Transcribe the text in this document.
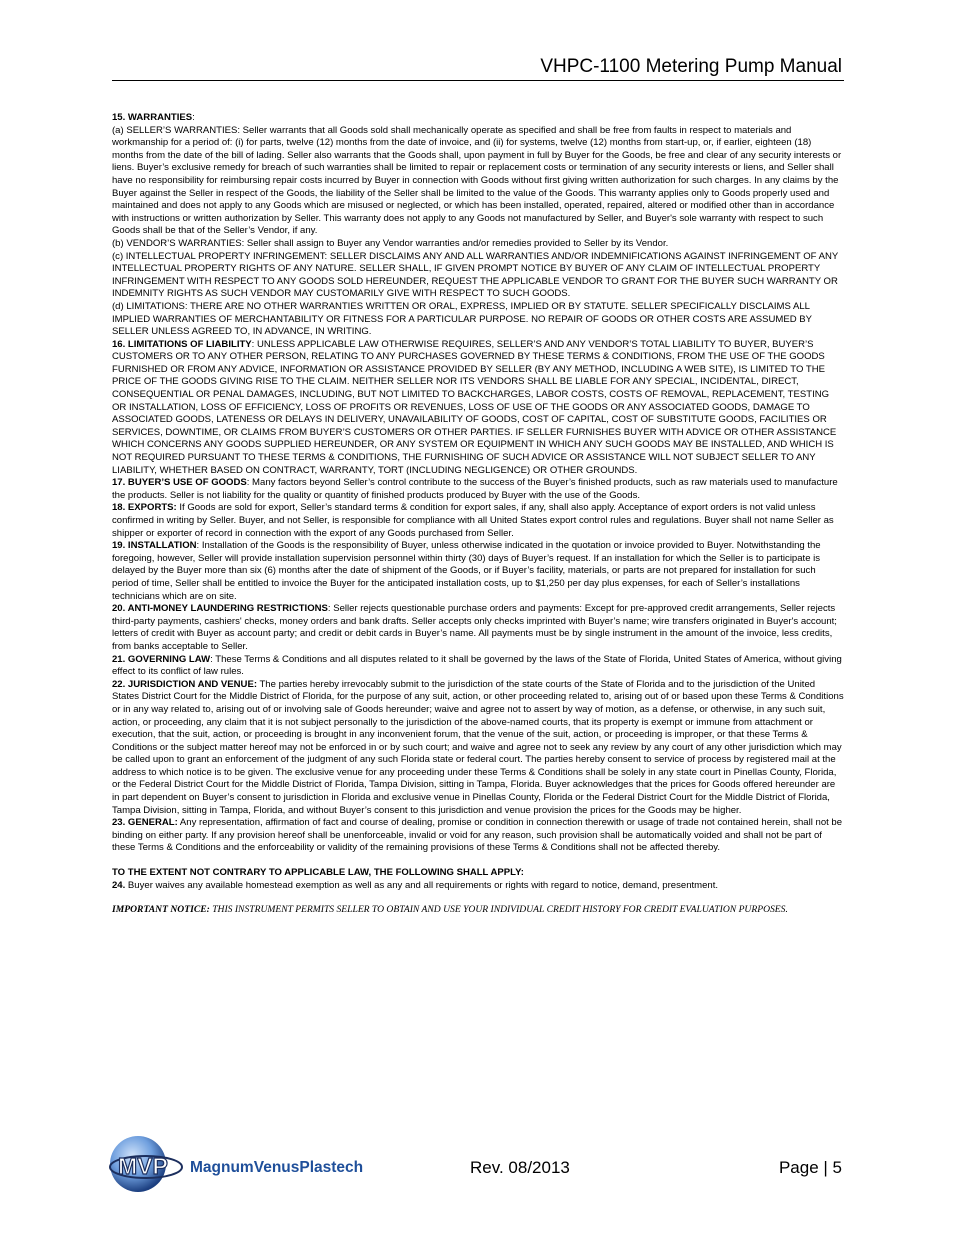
VHPC-1100 Metering Pump Manual

15. WARRANTIES:

(a) SELLER’S WARRANTIES: Seller warrants that all Goods sold shall mechanically operate as specified and shall be free from faults in respect to materials and workmanship for a period of: (i) for parts, twelve (12) months from the date of invoice, and (ii) for systems, twelve (12) months from start-up, or, if earlier, eighteen (18) months from the date of the bill of lading. Seller also warrants that the Goods shall, upon payment in full by Buyer for the Goods, be free and clear of any security interests or liens. Buyer’s exclusive remedy for breach of such warranties shall be limited to repair or replacement costs or termination of any security interests or liens, and Seller shall have no responsibility for reimbursing repair costs incurred by Buyer in connection with Goods without first giving written authorization for such charges. In any claims by the Buyer against the Seller in respect of the Goods, the liability of the Seller shall be limited to the value of the Goods. This warranty applies only to Goods properly used and maintained and does not apply to any Goods which are misused or neglected, or which has been installed, operated, repaired, altered or modified other than in accordance with instructions or written authorization by Seller. This warranty does not apply to any Goods not manufactured by Seller, and Buyer's sole warranty with respect to such Goods shall be that of the Seller’s Vendor, if any.

(b) VENDOR’S WARRANTIES: Seller shall assign to Buyer any Vendor warranties and/or remedies provided to Seller by its Vendor.

(c) INTELLECTUAL PROPERTY INFRINGEMENT: SELLER DISCLAIMS ANY AND ALL WARRANTIES AND/OR INDEMNIFICATIONS AGAINST INFRINGEMENT OF ANY INTELLECTUAL PROPERTY RIGHTS OF ANY NATURE. SELLER SHALL, IF GIVEN PROMPT NOTICE BY BUYER OF ANY CLAIM OF INTELLECTUAL PROPERTY INFRINGEMENT WITH RESPECT TO ANY GOODS SOLD HEREUNDER, REQUEST THE APPLICABLE VENDOR TO GRANT FOR THE BUYER SUCH WARRANTY OR INDEMNITY RIGHTS AS SUCH VENDOR MAY CUSTOMARILY GIVE WITH RESPECT TO SUCH GOODS.

(d) LIMITATIONS: THERE ARE NO OTHER WARRANTIES WRITTEN OR ORAL, EXPRESS, IMPLIED OR BY STATUTE. SELLER SPECIFICALLY DISCLAIMS ALL IMPLIED WARRANTIES OF MERCHANTABILITY OR FITNESS FOR A PARTICULAR PURPOSE. NO REPAIR OF GOODS OR OTHER COSTS ARE ASSUMED BY SELLER UNLESS AGREED TO, IN ADVANCE, IN WRITING.

16. LIMITATIONS OF LIABILITY: UNLESS APPLICABLE LAW OTHERWISE REQUIRES, SELLER’S AND ANY VENDOR’S TOTAL LIABILITY TO BUYER, BUYER’S CUSTOMERS OR TO ANY OTHER PERSON, RELATING TO ANY PURCHASES GOVERNED BY THESE TERMS & CONDITIONS, FROM THE USE OF THE GOODS FURNISHED OR FROM ANY ADVICE, INFORMATION OR ASSISTANCE PROVIDED BY SELLER (BY ANY METHOD, INCLUDING A WEB SITE), IS LIMITED TO THE PRICE OF THE GOODS GIVING RISE TO THE CLAIM. NEITHER SELLER NOR ITS VENDORS SHALL BE LIABLE FOR ANY SPECIAL, INCIDENTAL, DIRECT, CONSEQUENTIAL OR PENAL DAMAGES, INCLUDING, BUT NOT LIMITED TO BACKCHARGES, LABOR COSTS, COSTS OF REMOVAL, REPLACEMENT, TESTING OR INSTALLATION, LOSS OF EFFICIENCY, LOSS OF PROFITS OR REVENUES, LOSS OF USE OF THE GOODS OR ANY ASSOCIATED GOODS, DAMAGE TO ASSOCIATED GOODS, LATENESS OR DELAYS IN DELIVERY, UNAVAILABILITY OF GOODS, COST OF CAPITAL, COST OF SUBSTITUTE GOODS, FACILITIES OR SERVICES, DOWNTIME, OR CLAIMS FROM BUYER’S CUSTOMERS OR OTHER PARTIES. IF SELLER FURNISHES BUYER WITH ADVICE OR OTHER ASSISTANCE WHICH CONCERNS ANY GOODS SUPPLIED HEREUNDER, OR ANY SYSTEM OR EQUIPMENT IN WHICH ANY SUCH GOODS MAY BE INSTALLED, AND WHICH IS NOT REQUIRED PURSUANT TO THESE TERMS & CONDITIONS, THE FURNISHING OF SUCH ADVICE OR ASSISTANCE WILL NOT SUBJECT SELLER TO ANY LIABILITY, WHETHER BASED ON CONTRACT, WARRANTY, TORT (INCLUDING NEGLIGENCE) OR OTHER GROUNDS.

17. BUYER’S USE OF GOODS: Many factors beyond Seller’s control contribute to the success of the Buyer’s finished products, such as raw materials used to manufacture the products. Seller is not liability for the quality or quantity of finished products produced by Buyer with the use of the Goods.

18. EXPORTS: If Goods are sold for export, Seller’s standard terms & condition for export sales, if any, shall also apply. Acceptance of export orders is not valid unless confirmed in writing by Seller. Buyer, and not Seller, is responsible for compliance with all United States export control rules and regulations. Buyer shall not name Seller as shipper or exporter of record in connection with the export of any Goods purchased from Seller.

19. INSTALLATION: Installation of the Goods is the responsibility of Buyer, unless otherwise indicated in the quotation or invoice provided to Buyer. Notwithstanding the foregoing, however, Seller will provide installation supervision personnel within thirty (30) days of Buyer’s request. If an installation for which the Seller is to participate is delayed by the Buyer more than six (6) months after the date of shipment of the Goods, or if Buyer’s facility, materials, or parts are not prepared for installation for such period of time, Seller shall be entitled to invoice the Buyer for the anticipated installation costs, up to $1,250 per day plus expenses, for each of Seller’s installations technicians which are on site.

20. ANTI-MONEY LAUNDERING RESTRICTIONS: Seller rejects questionable purchase orders and payments: Except for pre-approved credit arrangements, Seller rejects third-party payments, cashiers' checks, money orders and bank drafts. Seller accepts only checks imprinted with Buyer’s name; wire transfers originated in Buyer's account; letters of credit with Buyer as account party; and credit or debit cards in Buyer’s name. All payments must be by single instrument in the amount of the invoice, less credits, from banks acceptable to Seller.

21. GOVERNING LAW: These Terms & Conditions and all disputes related to it shall be governed by the laws of the State of Florida, United States of America, without giving effect to its conflict of law rules.

22. JURISDICTION AND VENUE: The parties hereby irrevocably submit to the jurisdiction of the state courts of the State of Florida and to the jurisdiction of the United States District Court for the Middle District of Florida, for the purpose of any suit, action, or other proceeding related to, arising out of or based upon these Terms & Conditions or in any way related to, arising out of or involving sale of Goods hereunder; waive and agree not to assert by way of motion, as a defense, or otherwise, in any such suit, action, or proceeding, any claim that it is not subject personally to the jurisdiction of the above-named courts, that its property is exempt or immune from attachment or execution, that the suit, action, or proceeding is brought in any inconvenient forum, that the venue of the suit, action, or proceeding is improper, or that these Terms & Conditions or the subject matter hereof may not be enforced in or by such court; and waive and agree not to seek any review by any court of any other jurisdiction which may be called upon to grant an enforcement of the judgment of any such Florida state or federal court. The parties hereby consent to service of process by registered mail at the address to which notice is to be given. The exclusive venue for any proceeding under these Terms & Conditions shall be solely in any state court in Pinellas County, Florida, or the Federal District Court for the Middle District of Florida, Tampa Division, sitting in Tampa, Florida. Buyer acknowledges that the prices for Goods offered hereunder are in part dependent on Buyer’s consent to jurisdiction in Florida and exclusive venue in Pinellas County, Florida or the Federal District Court for the Middle District of Florida, Tampa Division, sitting in Tampa, Florida, and without Buyer’s consent to this jurisdiction and venue provision the prices for the Goods may be higher.

23. GENERAL: Any representation, affirmation of fact and course of dealing, promise or condition in connection therewith or usage of trade not contained herein, shall not be binding on either party. If any provision hereof shall be unenforceable, invalid or void for any reason, such provision shall be automatically voided and shall not be part of these Terms & Conditions and the enforceability or validity of the remaining provisions of these Terms & Conditions shall not be affected thereby.

TO THE EXTENT NOT CONTRARY TO APPLICABLE LAW, THE FOLLOWING SHALL APPLY:

24. Buyer waives any available homestead exemption as well as any and all requirements or rights with regard to notice, demand, presentment.

IMPORTANT NOTICE: THIS INSTRUMENT PERMITS SELLER TO OBTAIN AND USE YOUR INDIVIDUAL CREDIT HISTORY FOR CREDIT EVALUATION PURPOSES.

MVP MagnumVenusPlastech	Rev. 08/2013	Page | 5
